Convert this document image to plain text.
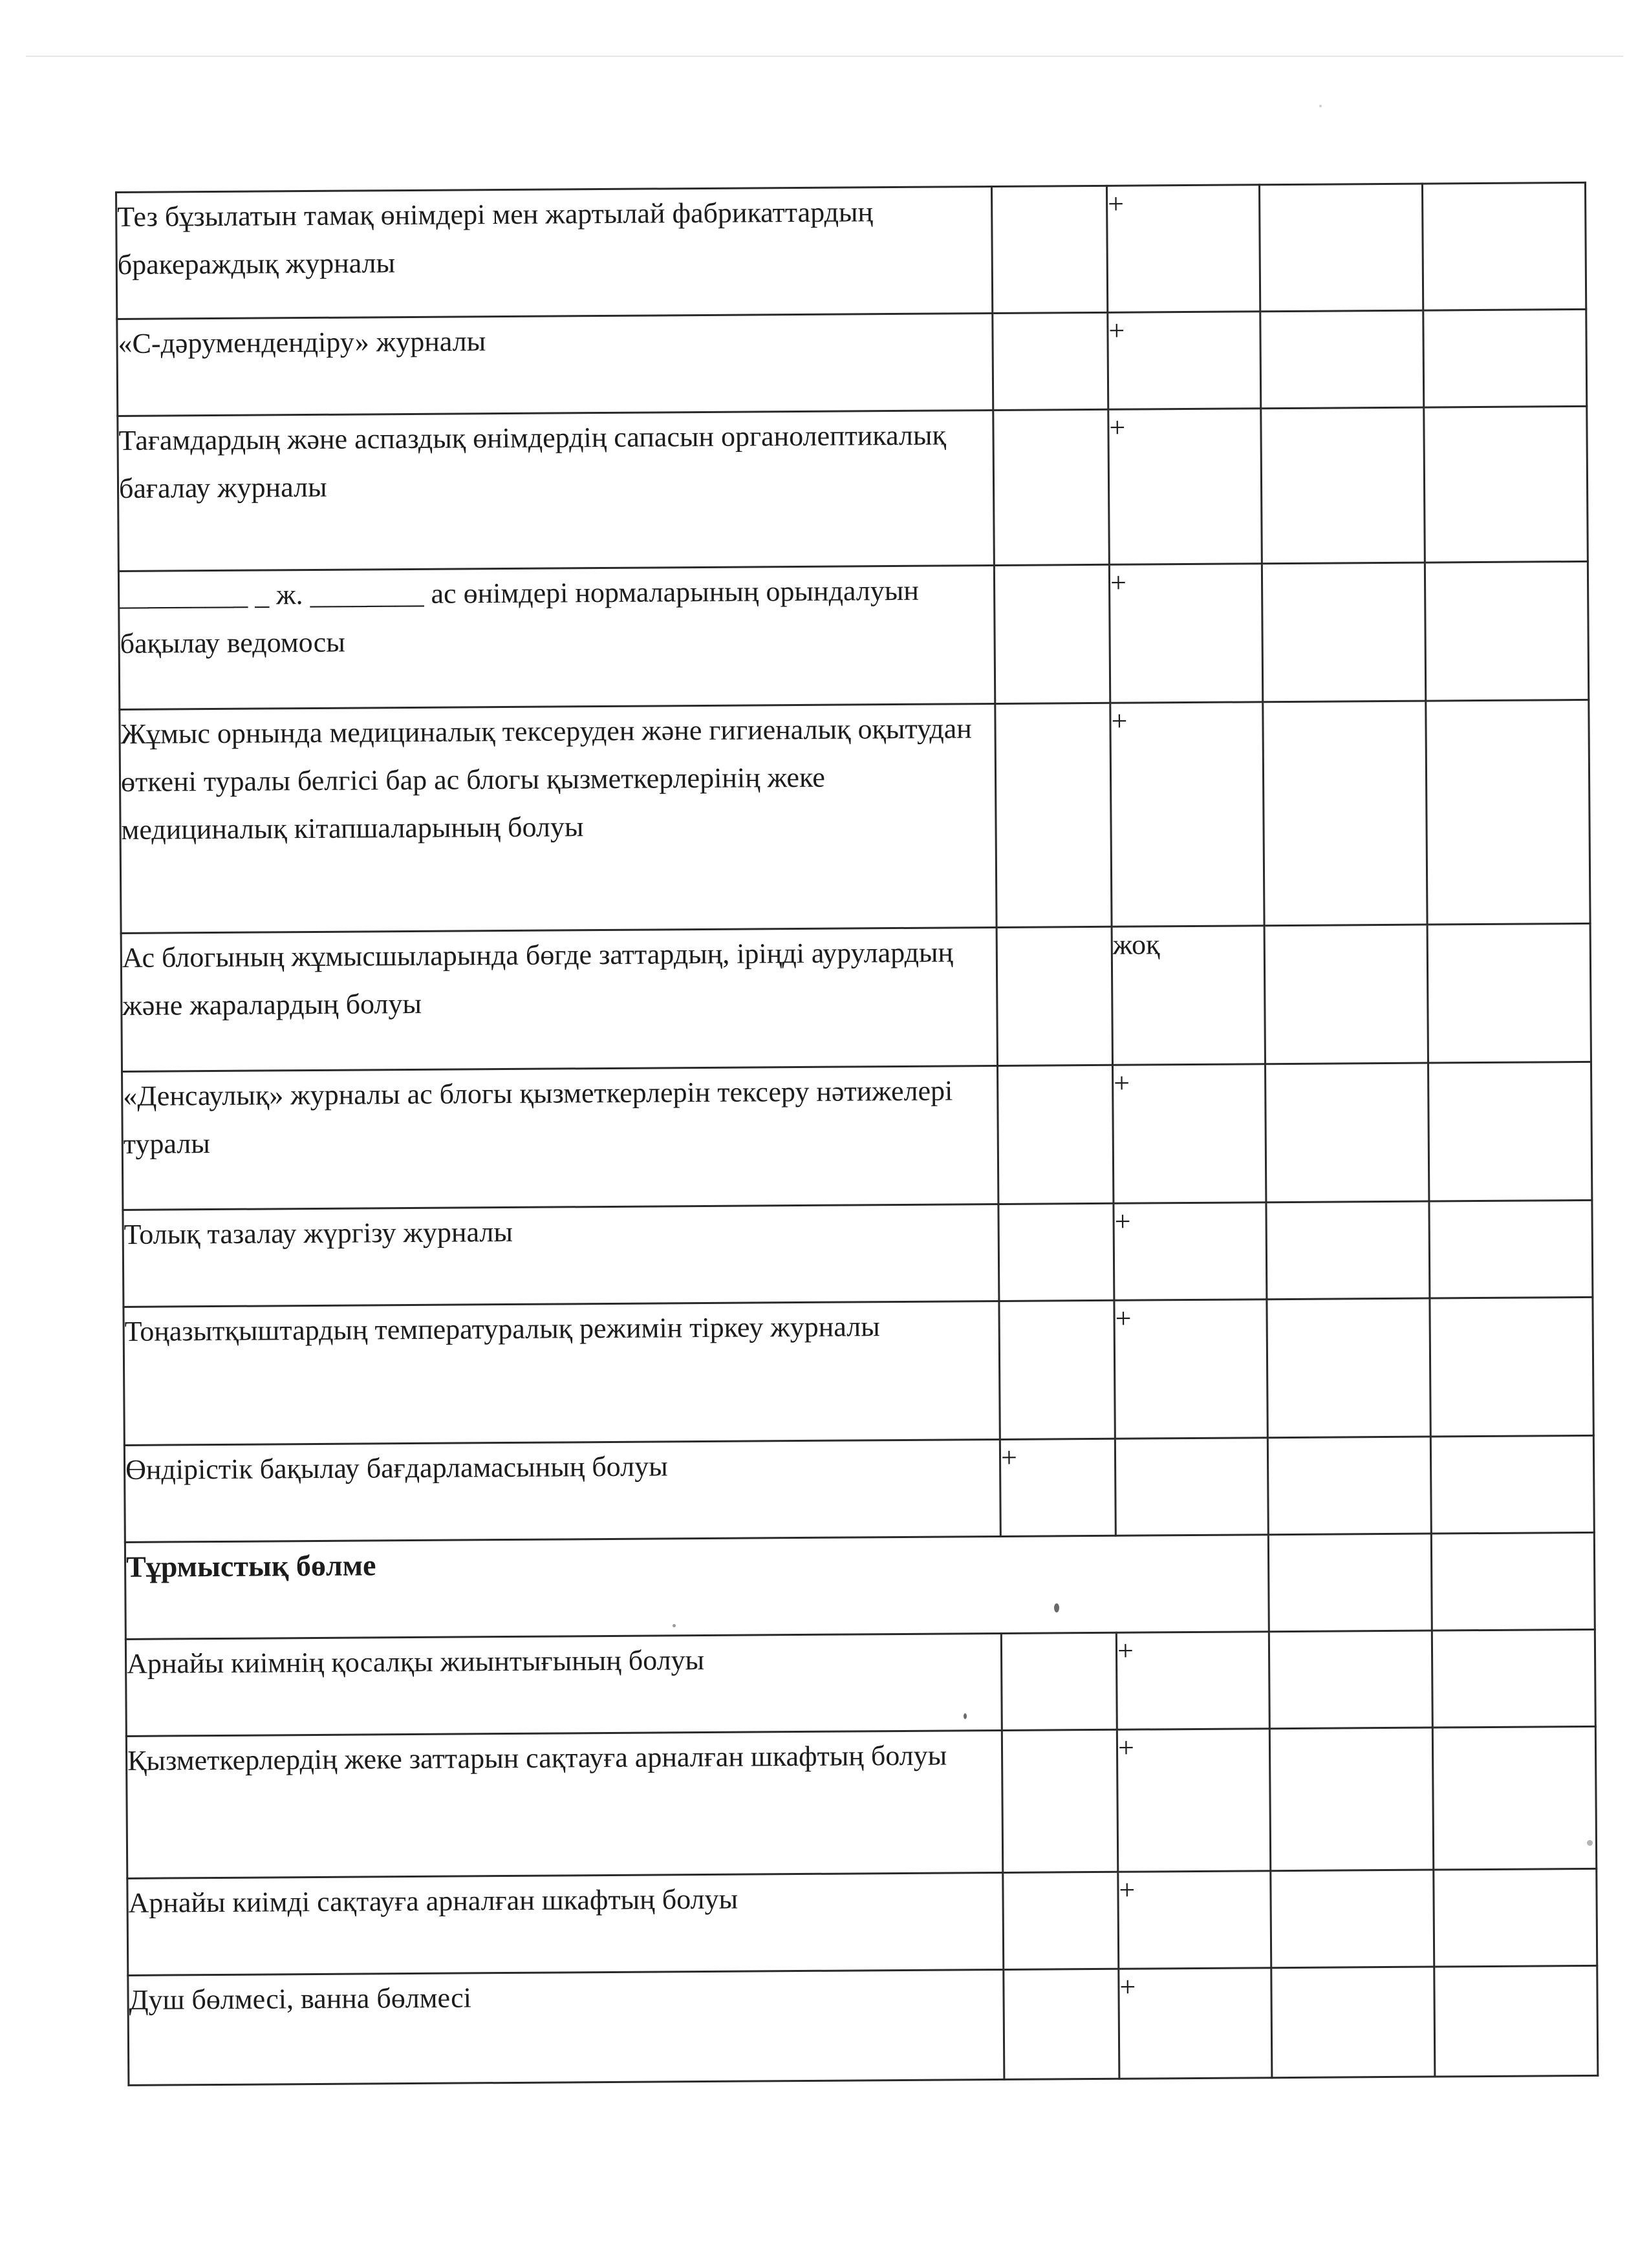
Тез бұзылатын тамақ өнімдері мен жартылай фабрикаттардың бракераждық журналы		+		
«С-дәрумендендіру» журналы		+		
Тағамдардың және аспаздық өнімдердің сапасын органолептикалық бағалау журналы		+		
_________ _ ж. ________ ас өнімдері нормаларының орындалуын бақылау ведомосы		+		
Жұмыс орнында медициналық тексеруден және гигиеналық оқытудан өткені туралы белгісі бар ас блогы қызметкерлерінің жеке медициналық кітапшаларының болуы		+		
Ас блогының жұмысшыларында бөгде заттардың, ірiңдi аурулардың және жаралардың болуы		жоқ		
«Денсаулық» журналы ас блогы қызметкерлерін тексеру нәтижелері туралы		+		
Толық тазалау жүргізу журналы		+		
Тоңазытқыштардың температуралық режимін тіркеу журналы		+		
Өндірістік бақылау бағдарламасының болуы	+			
Тұрмыстық бөлме				
Арнайы киімнің қосалқы жиынтығының болуы		+		
Қызметкерлердің жеке заттарын сақтауға арналған шкафтың болуы		+		
Арнайы киімді сақтауға арналған шкафтың болуы		+		
Душ бөлмесі, ванна бөлмесі		+		
